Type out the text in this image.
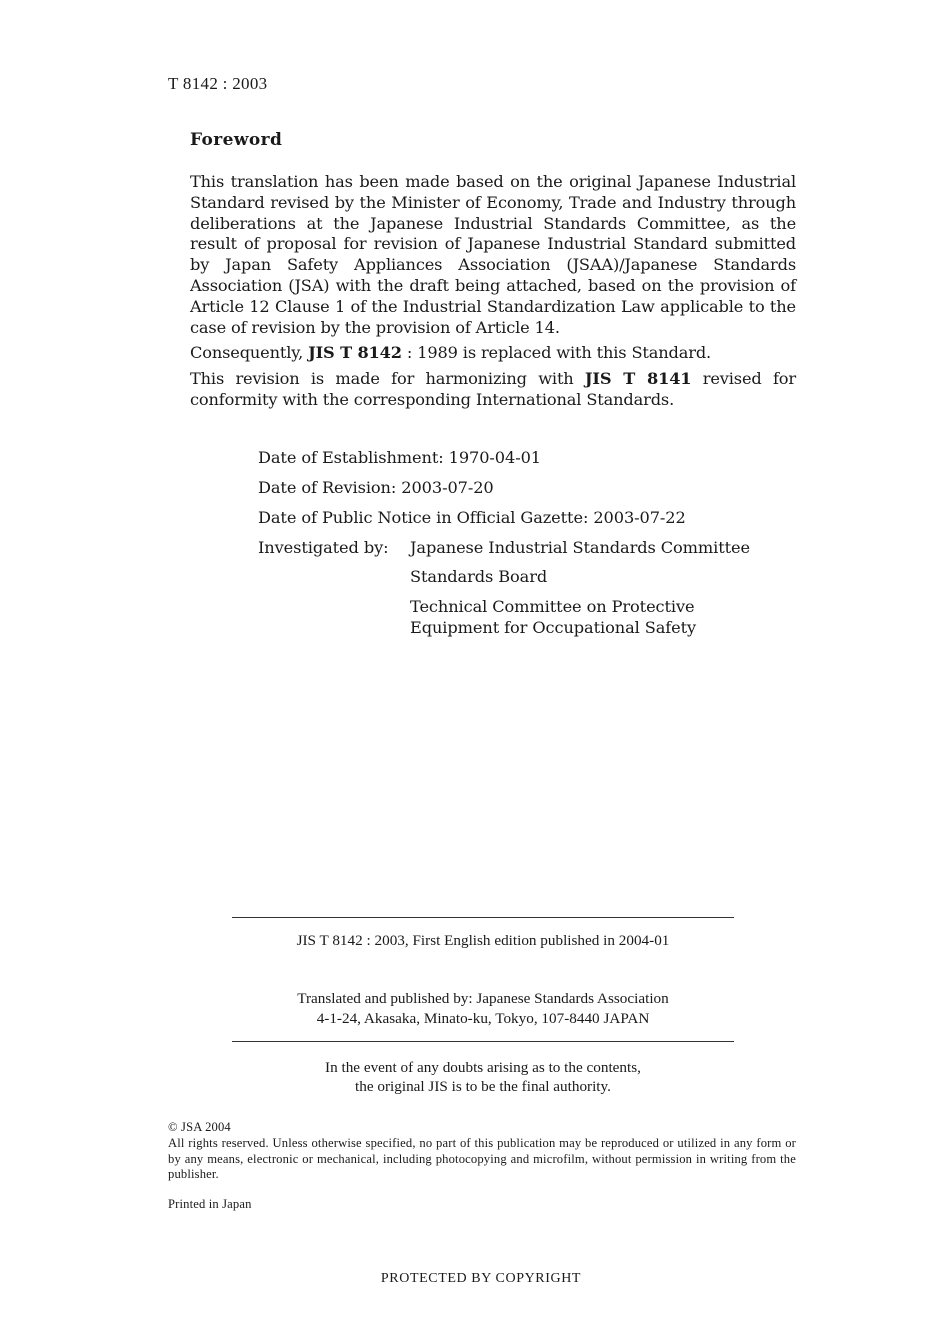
T 8142 : 2003
Foreword
This translation has been made based on the original Japanese Industrial Standard revised by the Minister of Economy, Trade and Industry through deliberations at the Japanese Industrial Standards Committee, as the result of proposal for revision of Japanese Industrial Standard submitted by Japan Safety Appliances Association (JSAA)/Japanese Standards Association (JSA) with the draft being attached, based on the provision of Article 12 Clause 1 of the Industrial Standardization Law applicable to the case of revision by the provision of Article 14.
Consequently, JIS T 8142 : 1989 is replaced with this Standard.
This revision is made for harmonizing with JIS T 8141 revised for conformity with the corresponding International Standards.
Date of Establishment: 1970-04-01
Date of Revision: 2003-07-20
Date of Public Notice in Official Gazette: 2003-07-22
Investigated by: Japanese Industrial Standards Committee
Standards Board
Technical Committee on Protective Equipment for Occupational Safety
JIS T 8142 : 2003, First English edition published in 2004-01
Translated and published by: Japanese Standards Association
4-1-24, Akasaka, Minato-ku, Tokyo, 107-8440 JAPAN
In the event of any doubts arising as to the contents,
the original JIS is to be the final authority.
© JSA 2004
All rights reserved. Unless otherwise specified, no part of this publication may be reproduced or utilized in any form or by any means, electronic or mechanical, including photocopying and microfilm, without permission in writing from the publisher.
Printed in Japan
PROTECTED BY COPYRIGHT
